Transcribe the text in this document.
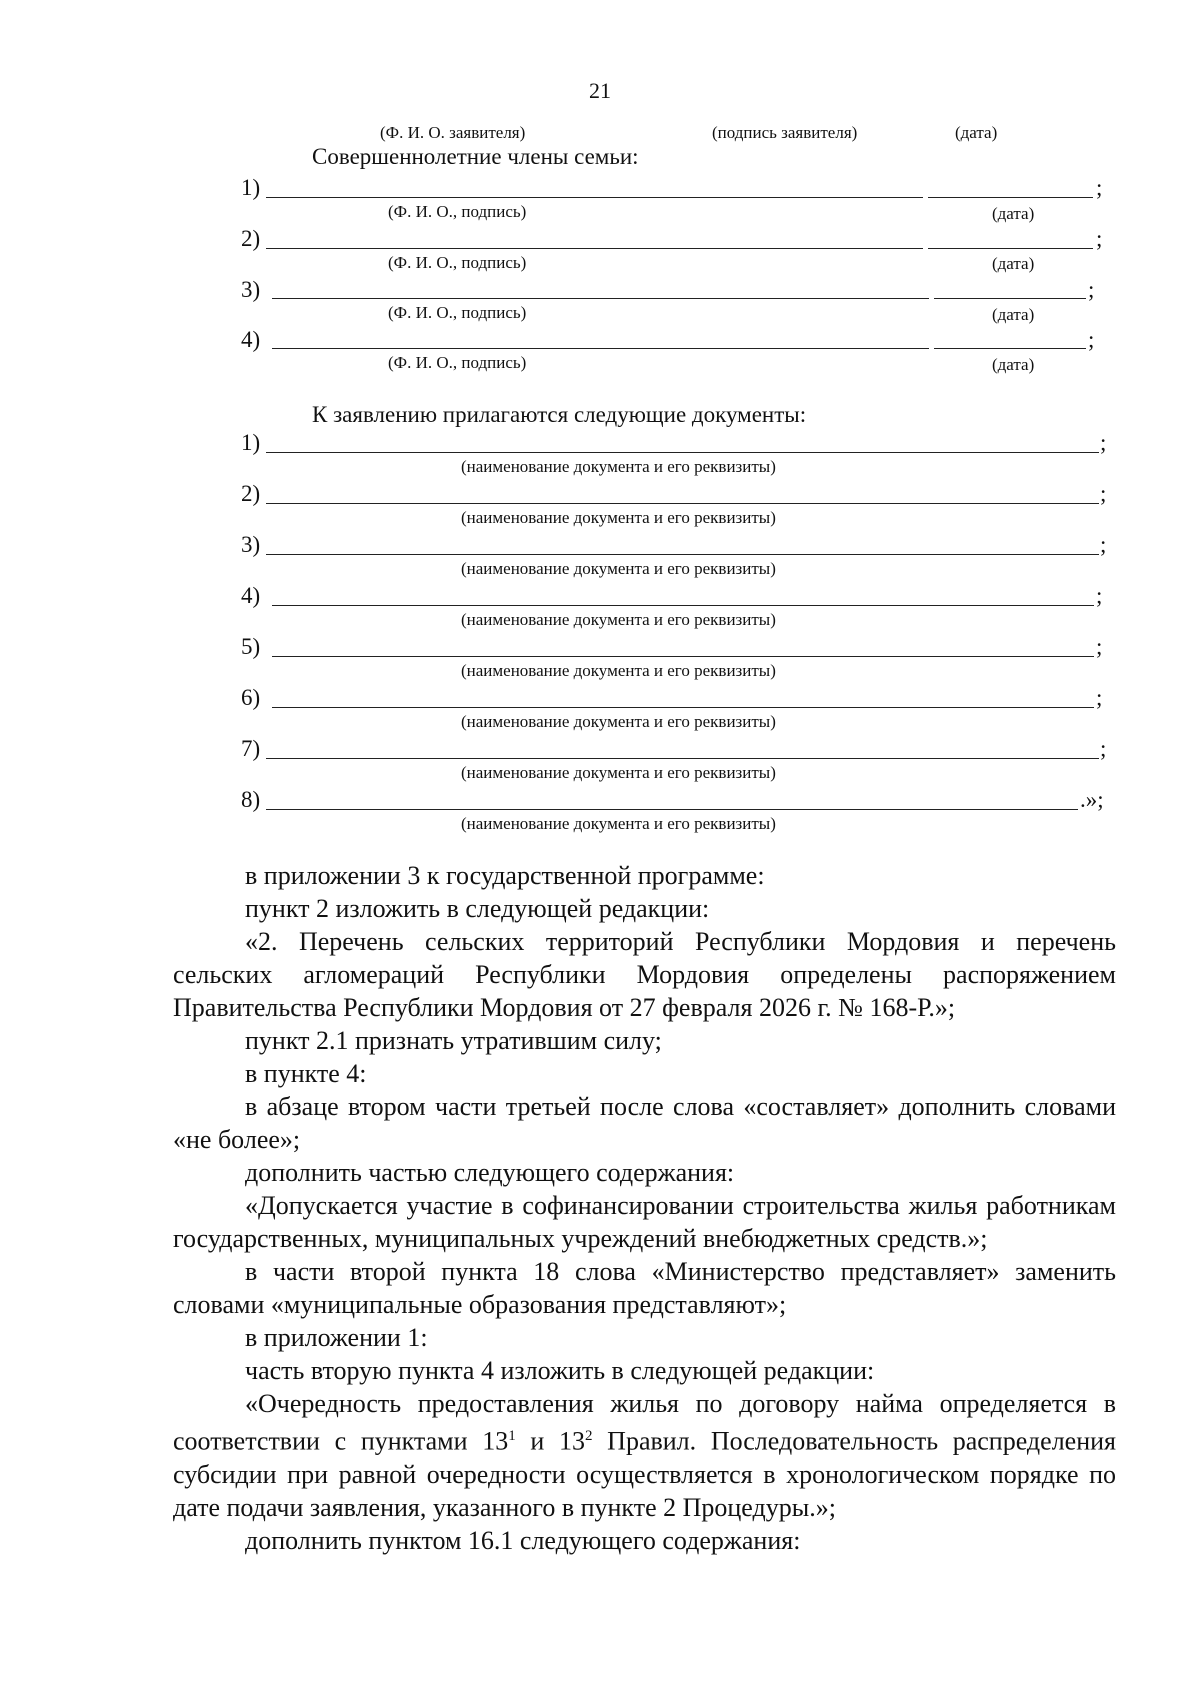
21
(Ф. И. О. заявителя)	(подпись заявителя)	(дата)
Совершеннолетние члены семьи:
1)	;
(Ф. И. О., подпись)	(дата)
2)	;
(Ф. И. О., подпись)	(дата)
3)	;
(Ф. И. О., подпись)	(дата)
4)	;
(Ф. И. О., подпись)	(дата)
К заявлению прилагаются следующие документы:
1)	;
(наименование документа и его реквизиты)
2)	;
(наименование документа и его реквизиты)
3)	;
(наименование документа и его реквизиты)
4)	;
(наименование документа и его реквизиты)
5)	;
(наименование документа и его реквизиты)
6)	;
(наименование документа и его реквизиты)
7)	;
(наименование документа и его реквизиты)
8)	.»;
(наименование документа и его реквизиты)

в приложении 3 к государственной программе:

пункт 2 изложить в следующей редакции:

«2. Перечень сельских территорий Республики Мордовия и перечень сельских агломераций Республики Мордовия определены распоряжением Правительства Республики Мордовия от 27 февраля 2026 г. № 168-Р.»;

пункт 2.1 признать утратившим силу;

в пункте 4:

в абзаце втором части третьей после слова «составляет» дополнить словами «не более»;

дополнить частью следующего содержания:

«Допускается участие в софинансировании строительства жилья работникам государственных, муниципальных учреждений внебюджетных средств.»;

в части второй пункта 18 слова «Министерство представляет» заменить словами «муниципальные образования представляют»;

в приложении 1:

часть вторую пункта 4 изложить в следующей редакции:

«Очередность предоставления жилья по договору найма определяется в соответствии с пунктами $13^1$ и $13^2$ Правил. Последовательность распределения субсидии при равной очередности осуществляется в хронологическом порядке по дате подачи заявления, указанного в пункте 2 Процедуры.»;

дополнить пунктом 16.1 следующего содержания:
